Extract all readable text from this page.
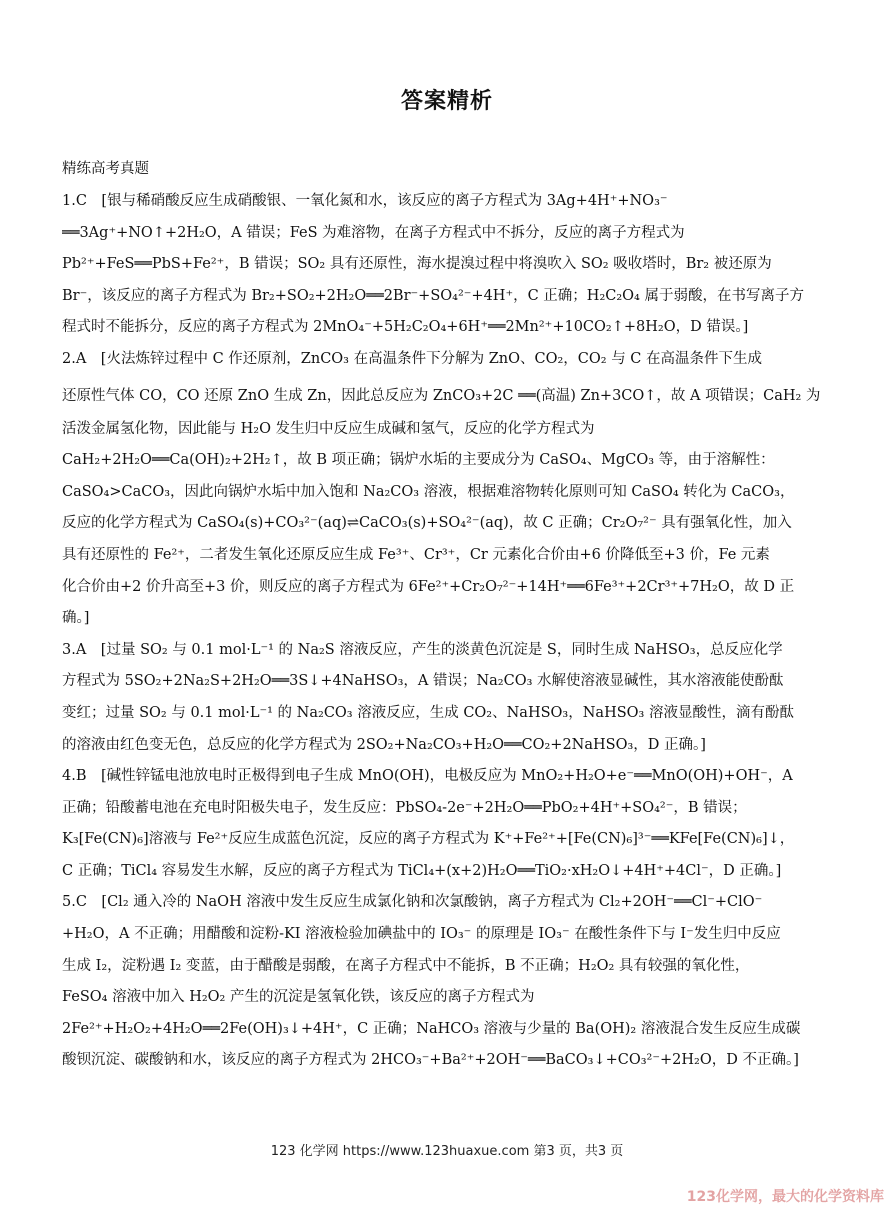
答案精析
精练高考真题
1.C　[银与稀硝酸反应生成硝酸银、一氧化氮和水，该反应的离子方程式为 3Ag+4H⁺+NO₃⁻
══3Ag⁺+NO↑+2H₂O，A 错误；FeS 为难溶物，在离子方程式中不拆分，反应的离子方程式为
Pb²⁺+FeS══PbS+Fe²⁺，B 错误；SO₂ 具有还原性，海水提溴过程中将溴吹入 SO₂ 吸收塔时，Br₂ 被还原为
Br⁻，该反应的离子方程式为 Br₂+SO₂+2H₂O══2Br⁻+SO₄²⁻+4H⁺，C 正确；H₂C₂O₄ 属于弱酸，在书写离子方
程式时不能拆分，反应的离子方程式为 2MnO₄⁻+5H₂C₂O₄+6H⁺══2Mn²⁺+10CO₂↑+8H₂O，D 错误。]
2.A　[火法炼锌过程中 C 作还原剂，ZnCO₃ 在高温条件下分解为 ZnO、CO₂，CO₂ 与 C 在高温条件下生成
还原性气体 CO，CO 还原 ZnO 生成 Zn，因此总反应为 ZnCO₃+2C ══(高温) Zn+3CO↑，故 A 项错误；CaH₂ 为
活泼金属氢化物，因此能与 H₂O 发生归中反应生成碱和氢气，反应的化学方程式为
CaH₂+2H₂O══Ca(OH)₂+2H₂↑，故 B 项正确；锅炉水垢的主要成分为 CaSO₄、MgCO₃ 等，由于溶解性：
CaSO₄>CaCO₃，因此向锅炉水垢中加入饱和 Na₂CO₃ 溶液，根据难溶物转化原则可知 CaSO₄ 转化为 CaCO₃，
反应的化学方程式为 CaSO₄(s)+CO₃²⁻(aq)⇌CaCO₃(s)+SO₄²⁻(aq)，故 C 正确；Cr₂O₇²⁻ 具有强氧化性，加入
具有还原性的 Fe²⁺，二者发生氧化还原反应生成 Fe³⁺、Cr³⁺，Cr 元素化合价由+6 价降低至+3 价，Fe 元素
化合价由+2 价升高至+3 价，则反应的离子方程式为 6Fe²⁺+Cr₂O₇²⁻+14H⁺══6Fe³⁺+2Cr³⁺+7H₂O，故 D 正
确。]
3.A　[过量 SO₂ 与 0.1 mol·L⁻¹ 的 Na₂S 溶液反应，产生的淡黄色沉淀是 S，同时生成 NaHSO₃，总反应化学
方程式为 5SO₂+2Na₂S+2H₂O══3S↓+4NaHSO₃，A 错误；Na₂CO₃ 水解使溶液显碱性，其水溶液能使酚酞
变红；过量 SO₂ 与 0.1 mol·L⁻¹ 的 Na₂CO₃ 溶液反应，生成 CO₂、NaHSO₃，NaHSO₃ 溶液显酸性，滴有酚酞
的溶液由红色变无色，总反应的化学方程式为 2SO₂+Na₂CO₃+H₂O══CO₂+2NaHSO₃，D 正确。]
4.B　[碱性锌锰电池放电时正极得到电子生成 MnO(OH)，电极反应为 MnO₂+H₂O+e⁻══MnO(OH)+OH⁻，A
正确；铅酸蓄电池在充电时阳极失电子，发生反应：PbSO₄-2e⁻+2H₂O══PbO₂+4H⁺+SO₄²⁻，B 错误；
K₃[Fe(CN)₆]溶液与 Fe²⁺反应生成蓝色沉淀，反应的离子方程式为 K⁺+Fe²⁺+[Fe(CN)₆]³⁻══KFe[Fe(CN)₆]↓，
C 正确；TiCl₄ 容易发生水解，反应的离子方程式为 TiCl₄+(x+2)H₂O══TiO₂·xH₂O↓+4H⁺+4Cl⁻，D 正确。]
5.C　[Cl₂ 通入冷的 NaOH 溶液中发生反应生成氯化钠和次氯酸钠，离子方程式为 Cl₂+2OH⁻══Cl⁻+ClO⁻
+H₂O，A 不正确；用醋酸和淀粉-KI 溶液检验加碘盐中的 IO₃⁻ 的原理是 IO₃⁻ 在酸性条件下与 I⁻发生归中反应
生成 I₂，淀粉遇 I₂ 变蓝，由于醋酸是弱酸，在离子方程式中不能拆，B 不正确；H₂O₂ 具有较强的氧化性，
FeSO₄ 溶液中加入 H₂O₂ 产生的沉淀是氢氧化铁，该反应的离子方程式为
2Fe²⁺+H₂O₂+4H₂O══2Fe(OH)₃↓+4H⁺，C 正确；NaHCO₃ 溶液与少量的 Ba(OH)₂ 溶液混合发生反应生成碳
酸钡沉淀、碳酸钠和水，该反应的离子方程式为 2HCO₃⁻+Ba²⁺+2OH⁻══BaCO₃↓+CO₃²⁻+2H₂O，D 不正确。]
123 化学网 https://www.123huaxue.com 第3 页，共3 页
123化学网，最大的化学资料库
